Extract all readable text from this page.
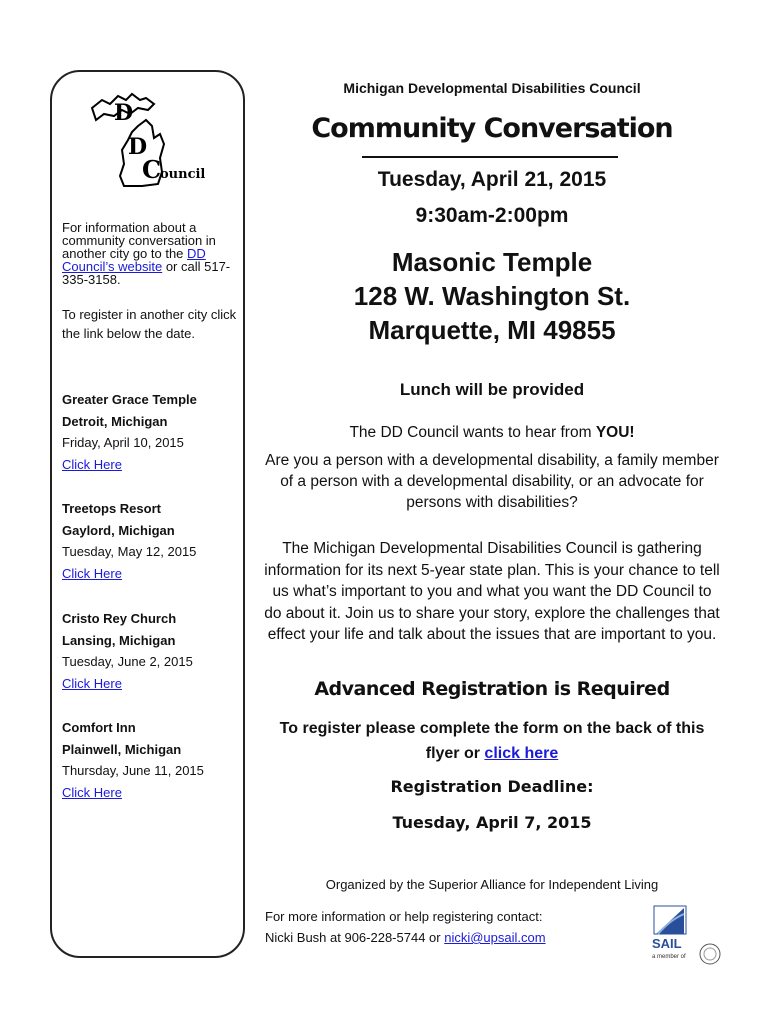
D
D
C
ouncil
For information about a community conversation in another city go to the DD Council’s website or call 517-335-3158.
To register in another city click the link below the date.
Greater Grace Temple
Detroit, Michigan
Friday, April 10, 2015
Click Here
Treetops Resort
Gaylord, Michigan
Tuesday, May 12, 2015
Click Here
Cristo Rey Church
Lansing, Michigan
Tuesday, June 2, 2015
Click Here
Comfort Inn
Plainwell, Michigan
Thursday, June 11, 2015
Click Here
Michigan Developmental Disabilities Council
Community Conversation
Tuesday, April 21, 2015
9:30am-2:00pm
Masonic Temple
128 W. Washington St.
Marquette, MI 49855
Lunch will be provided
The DD Council wants to hear from YOU!
Are you a person with a developmental disability, a family member of a person with a developmental disability, or an advocate for persons with disabilities?
The Michigan Developmental Disabilities Council is gathering information for its next 5-year state plan. This is your chance to tell us what’s important to you and what you want the DD Council to do about it. Join us to share your story, explore the challenges that effect your life and talk about the issues that are important to you.
Advanced Registration is Required
To register please complete the form on the back of this flyer or click here
Registration Deadline:
Tuesday, April 7, 2015
Organized by the Superior Alliance for Independent Living
For more information or help registering contact:
Nicki Bush at 906-228-5744 or nicki@upsail.com	SAIL
a member of
